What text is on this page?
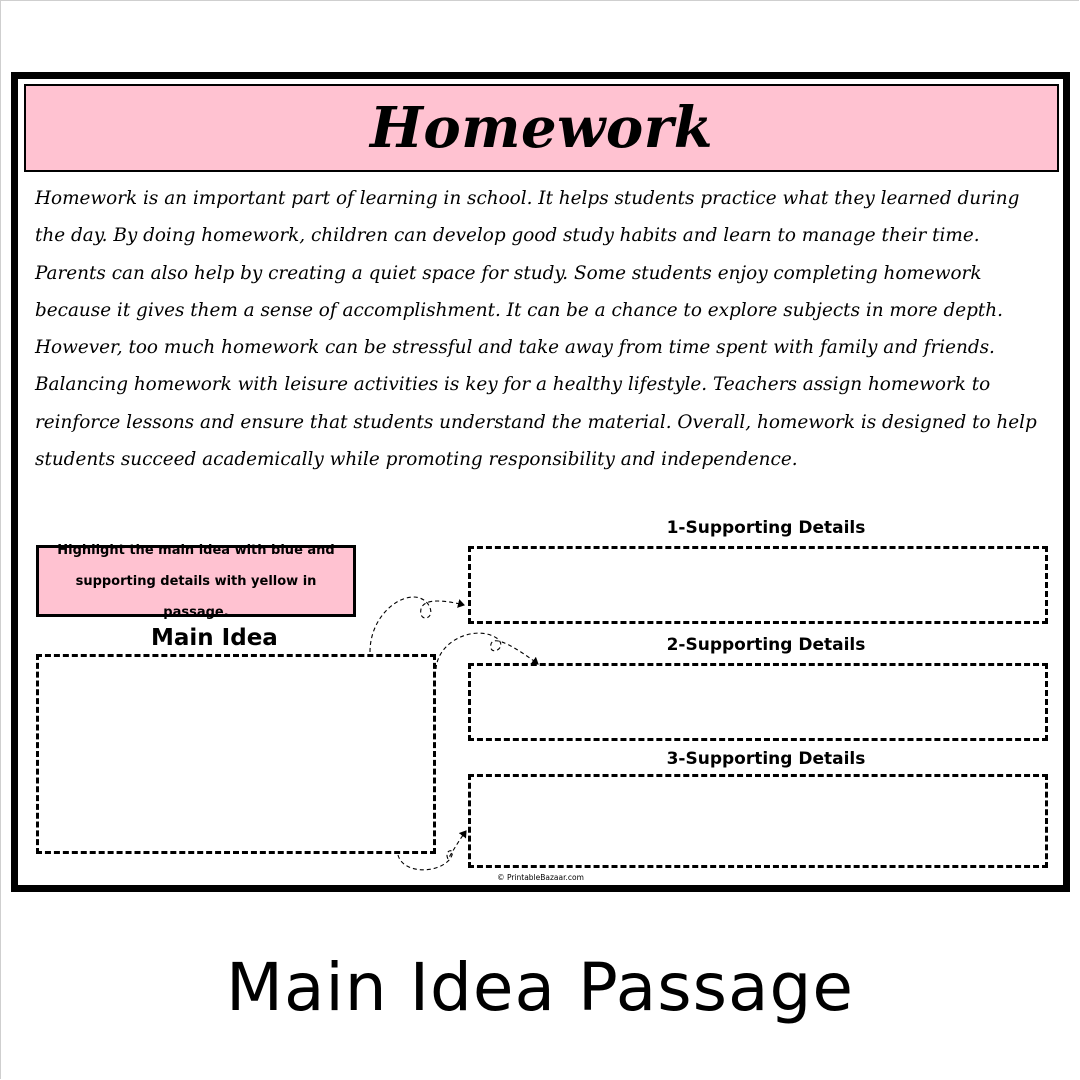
Homework

Homework is an important part of learning in school. It helps students practice what they learned during the day. By doing homework, children can develop good study habits and learn to manage their time. Parents can also help by creating a quiet space for study. Some students enjoy completing homework because it gives them a sense of accomplishment. It can be a chance to explore subjects in more depth. However, too much homework can be stressful and take away from time spent with family and friends. Balancing homework with leisure activities is key for a healthy lifestyle. Teachers assign homework to reinforce lessons and ensure that students understand the material. Overall, homework is designed to help students succeed academically while promoting responsibility and independence.

Highlight the main idea with blue and supporting details with yellow in passage.
Main Idea
1-Supporting Details
2-Supporting Details
3-Supporting Details
© PrintableBazaar.com
Main Idea Passage
